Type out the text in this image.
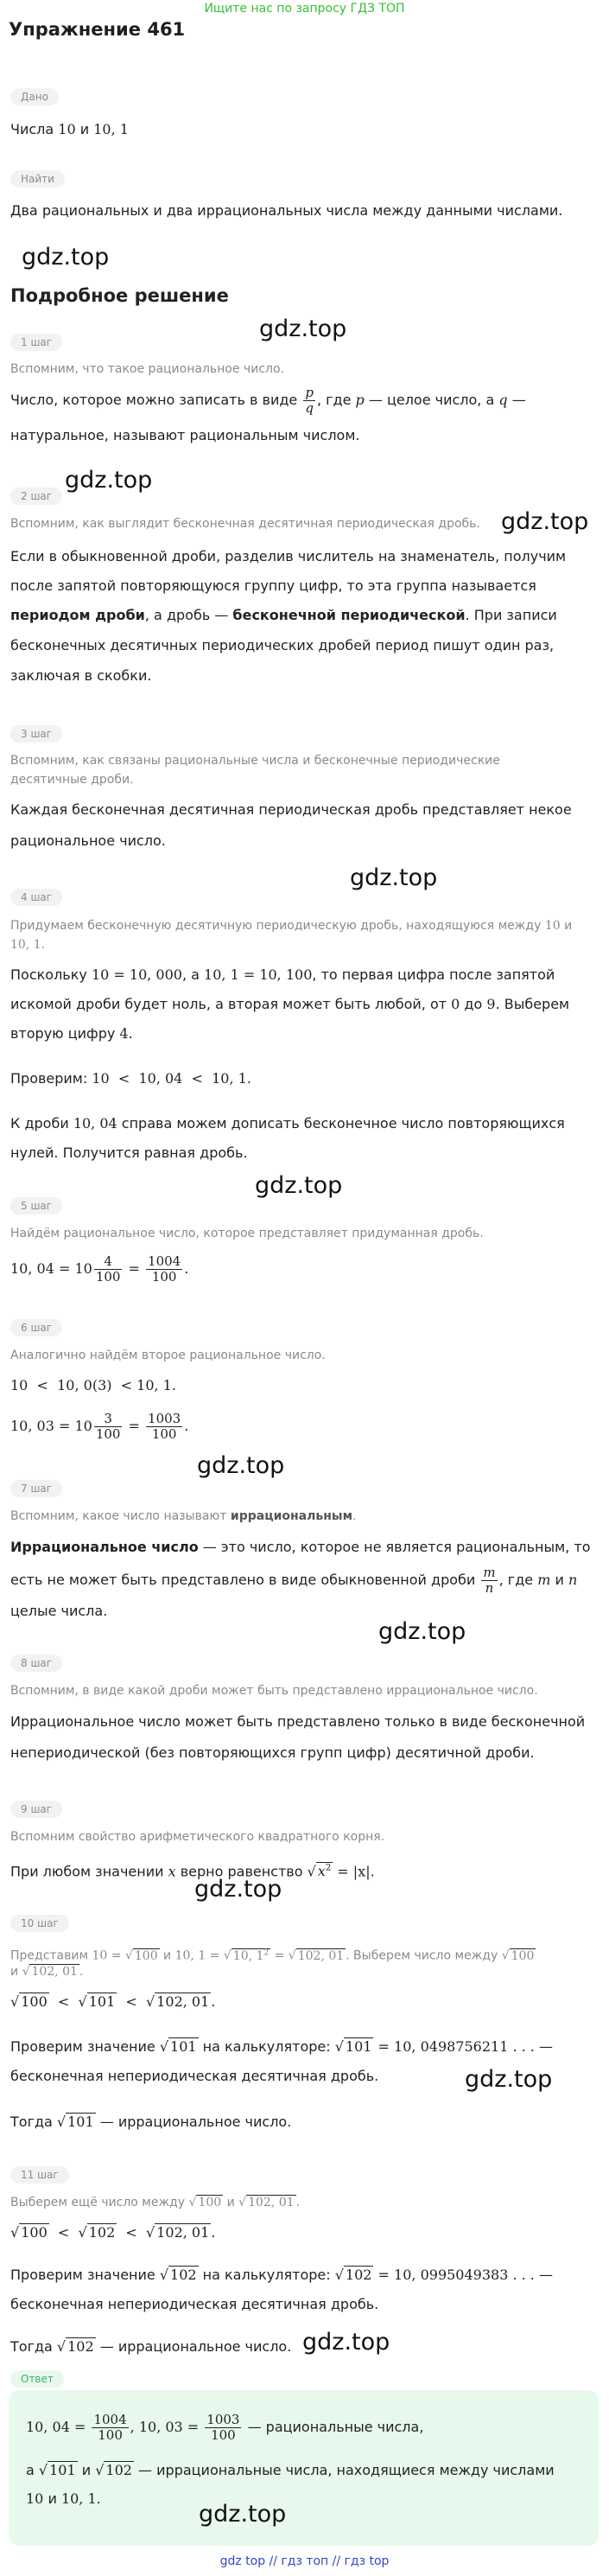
Ищите нас по запросу ГДЗ ТОП
Упражнение 461
Дано
Числа 10 и 10, 1
Найти
Два рациональных и два иррациональных числа между данными числами.
gdz.top
Подробное решение
gdz.top
1 шаг
Вспомним, что такое рациональное число.
Число, которое можно записать в виде $\frac{p}{q}$ , где p — целое число, а q —
натуральное, называют рациональным числом.
gdz.top
gdz.top
2 шаг
Вспомним, как выглядит бесконечная десятичная периодическая дробь.
Если в обыкновенной дроби, разделив числитель на знаменатель, получим
после запятой повторяющуюся группу цифр, то эта группа называется
периодом дроби, а дробь — бесконечной периодической. При записи
бесконечных десятичных периодических дробей период пишут один раз,
заключая в скобки.
3 шаг
Вспомним, как связаны рациональные числа и бесконечные периодические
десятичные дроби.
Каждая бесконечная десятичная периодическая дробь представляет некое
рациональное число.
gdz.top
4 шаг
Придумаем бесконечную десятичную периодическую дробь, находящуюся между 10 и
10, 1.
Поскольку 10 = 10, 000, а 10, 1 = 10, 100, то первая цифра после запятой
искомой дроби будет ноль, а вторая может быть любой, от 0 до 9. Выберем
вторую цифру 4.
Проверим: 10  <  10, 04  <  10, 1.
К дроби 10, 04 справа можем дописать бесконечное число повторяющихся
нулей. Получится равная дробь.
gdz.top
5 шаг
Найдём рациональное число, которое представляет придуманная дробь.
10, $04 = 10 \frac{4}{100} = \frac{1004}{100}$ .
6 шаг
Аналогично найдём второе рациональное число.
10  <  10, 0(3)  < 10, 1.
10, $03 = 10 \frac{3}{100} = \frac{1003}{100}$ .
gdz.top
7 шаг
Вспомним, какое число называют иррациональным.
Иррациональное число — это число, которое не является рациональным, то
есть не может быть представлено в виде обыкновенной дроби $\frac{m}{n}$ , где m и n
целые числа.
gdz.top
8 шаг
Вспомним, в виде какой дроби может быть представлено иррациональное число.
Иррациональное число может быть представлено только в виде бесконечной
непериодической (без повторяющихся групп цифр) десятичной дроби.
9 шаг
Вспомним свойство арифметического квадратного корня.
При любом значении x верно равенство √ $x^2 = |x|$.
gdz.top
10 шаг
Представим 10 = √ 100 и 10, 1 = √ 10, $1^2$ = √ 102, 01 . Выберем число между √ 100
и √ 102, 01 .
√ 100  <  √ 101  <  √ 102, 01 .
Проверим значение √ 101 на калькуляторе: √ 101 = 10, 0498756211 . . . —
бесконечная непериодическая десятичная дробь.	gdz.top
Тогда √ 101 — иррациональное число.
11 шаг
Выберем ещё число между √ 100 и √ 102, 01 .
√ 100  <  √ 102  <  √ 102, 01 .
Проверим значение √ 102 на калькуляторе: √ 102 = 10, 0995049383 . . . —
бесконечная непериодическая десятичная дробь.
Тогда √ 102 — иррациональное число. gdz.top
Ответ
10, $04 = \frac{1004}{100}$ , 10, $03 = \frac{1003}{100}$ — рациональные числа,
а √ 101 и √ 102 — иррациональные числа, находящиеся между числами
10 и 10, 1.
gdz.top
gdz top // гдз топ // гдз top
